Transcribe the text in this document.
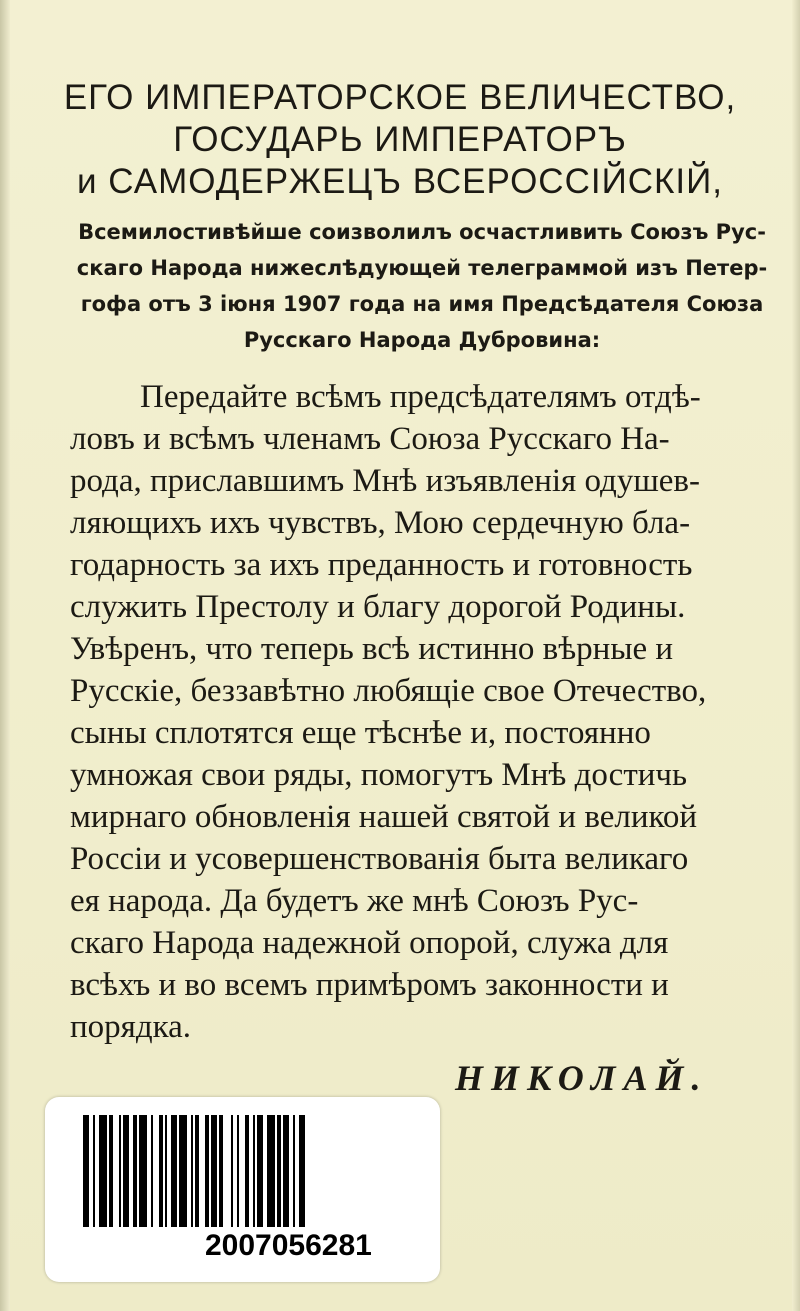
ЕГО ИМПЕРАТОРСКОЕ ВЕЛИЧЕСТВО,
ГОСУДАРЬ ИМПЕРАТОРЪ
и САМОДЕРЖЕЦЪ ВСЕРОССІЙСКІЙ,
Всемилостивѣйше соизволилъ осчастливить Союзъ Рус-
скаго Народа нижеслѣдующей телеграммой изъ Петер-
гофа отъ 3 іюня 1907 года на имя Предсѣдателя Союза
Русскаго Народа Дубровина:
Передайте всѣмъ предсѣдателямъ отдѣ-
ловъ и всѣмъ членамъ Союза Русскаго На-
рода, приславшимъ Мнѣ изъявленія одушев-
ляющихъ ихъ чувствъ, Мою сердечную бла-
годарность за ихъ преданность и готовность
служить Престолу и благу дорогой Родины.
Увѣренъ, что теперь всѣ истинно вѣрные и
Русскіе, беззавѣтно любящіе свое Отечество,
сыны сплотятся еще тѣснѣе и, постоянно
умножая свои ряды, помогутъ Мнѣ достичь
мирнаго обновленія нашей святой и великой
Россіи и усовершенствованія быта великаго
ея народа. Да будетъ же мнѣ Союзъ Рус-
скаго Народа надежной опорой, служа для
всѣхъ и во всемъ примѣромъ законности и
порядка.
НИКОЛАЙ.
2007056281
